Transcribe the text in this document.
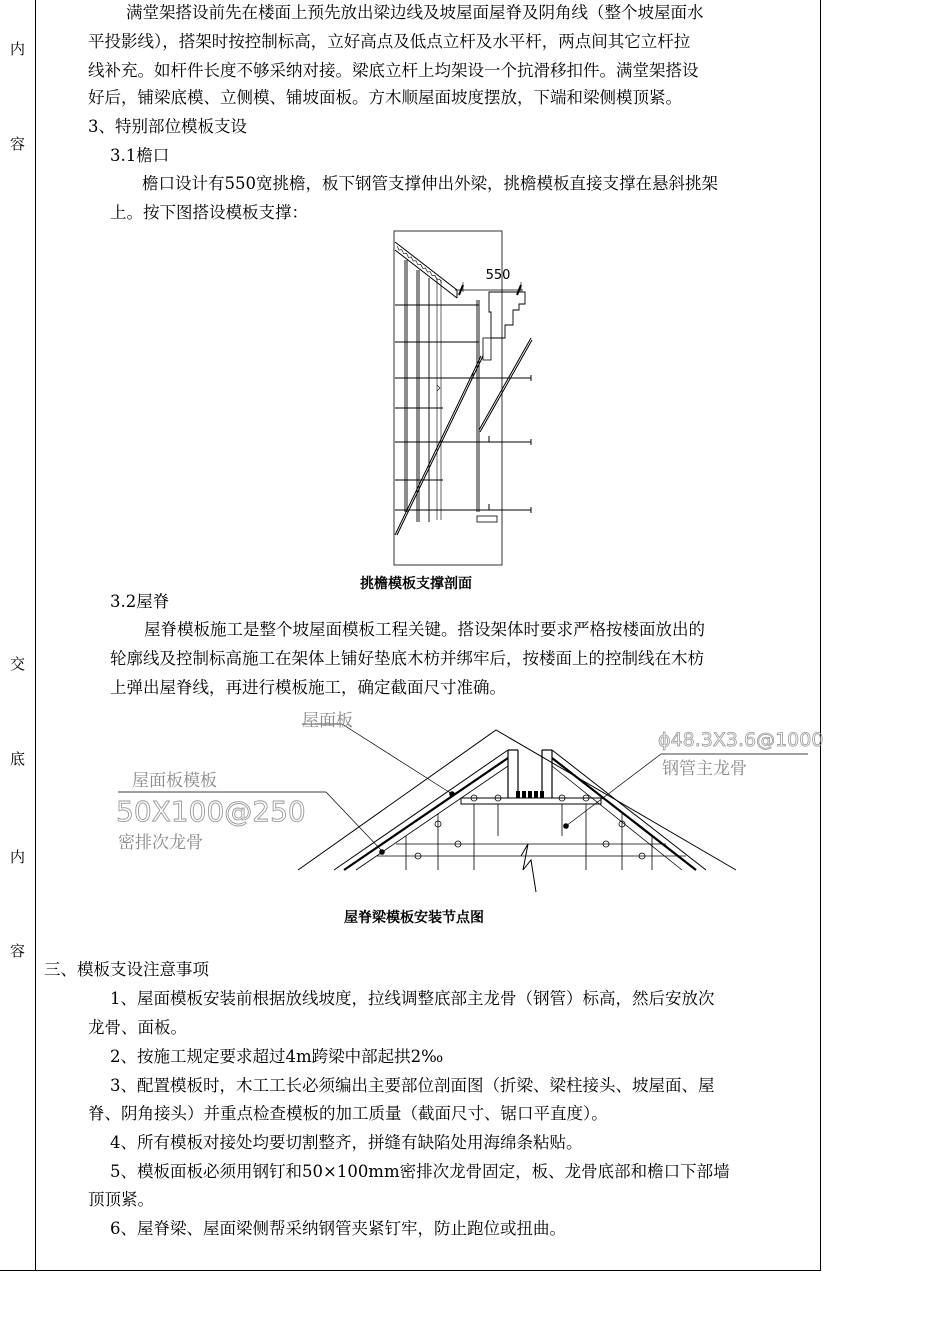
内
容
交
底
内
容
满堂架搭设前先在楼面上预先放出梁边线及坡屋面屋脊及阴角线（整个坡屋面水
平投影线），搭架时按控制标高，立好高点及低点立杆及水平杆，两点间其它立杆拉
线补充。如杆件长度不够采纳对接。梁底立杆上均架设一个抗滑移扣件。满堂架搭设
好后，铺梁底模、立侧模、铺坡面板。方木顺屋面坡度摆放，下端和梁侧模顶紧。
3、特别部位模板支设
3.1檐口
檐口设计有550宽挑檐，板下钢管支撑伸出外梁，挑檐模板直接支撑在悬斜挑架
上。按下图搭设模板支撑：
550
挑檐模板支撑剖面
3.2屋脊
屋脊模板施工是整个坡屋面模板工程关键。搭设架体时要求严格按楼面放出的
轮廓线及控制标高施工在架体上铺好垫底木枋并绑牢后，按楼面上的控制线在木枋
上弹出屋脊线，再进行模板施工，确定截面尺寸准确。
屋面板
屋面板模板
50X100@250
密排次龙骨
ϕ48.3X3.6@1000
钢管主龙骨
屋脊梁模板安装节点图
三、模板支设注意事项
1、屋面模板安装前根据放线坡度，拉线调整底部主龙骨（钢管）标高，然后安放次
龙骨、面板。
2、按施工规定要求超过4m跨梁中部起拱2‰
3、配置模板时，木工工长必须编出主要部位剖面图（折梁、梁柱接头、坡屋面、屋
脊、阴角接头）并重点检查模板的加工质量（截面尺寸、锯口平直度）。
4、所有模板对接处均要切割整齐，拼缝有缺陷处用海绵条粘贴。
5、模板面板必须用钢钉和50×100mm密排次龙骨固定，板、龙骨底部和檐口下部墙
顶顶紧。
6、屋脊梁、屋面梁侧帮采纳钢管夹紧钉牢，防止跑位或扭曲。
